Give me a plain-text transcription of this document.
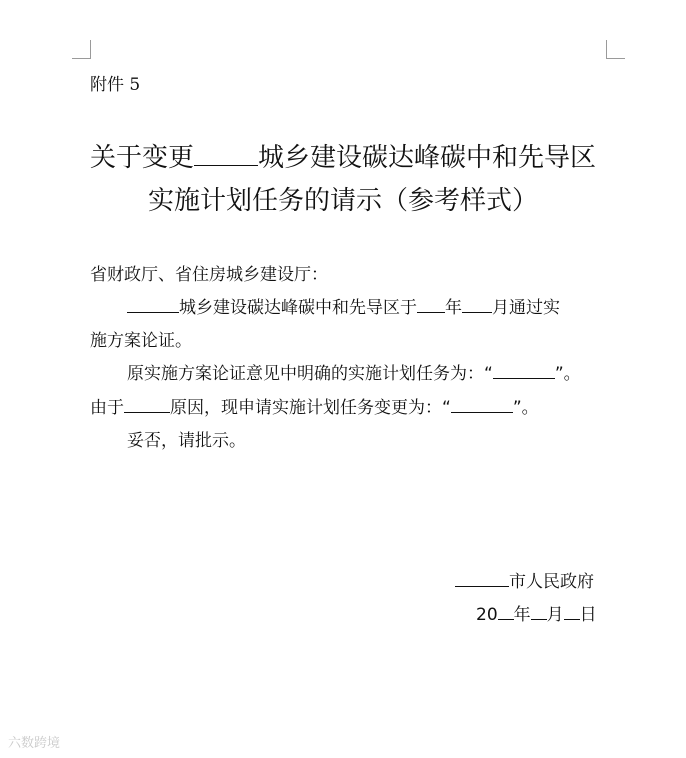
附件 5
关于变更 城乡建设碳达峰碳中和先导区
实施计划任务的请示（参考样式）
省财政厅、省住房城乡建设厅：
城乡建设碳达峰碳中和先导区于 年 月通过实
施方案论证。
原实施方案论证意见中明确的实施计划任务为：“	”。
由于	原因，现申请实施计划任务变更为：“	”。
妥否，请批示。
市人民政府
20 年 月 日
六数跨境
